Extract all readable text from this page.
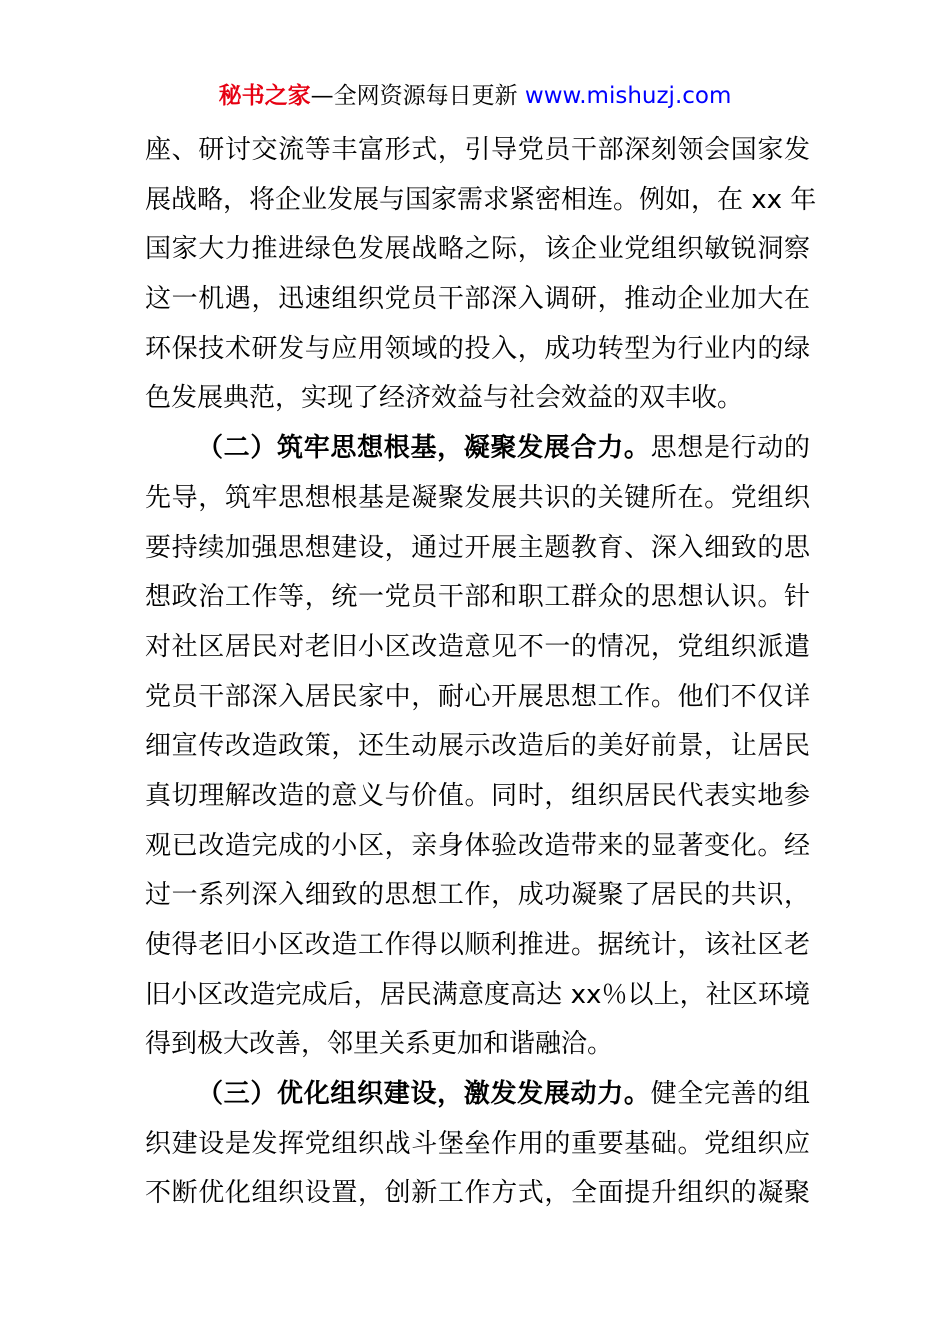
秘书之家—全网资源每日更新 www.mishuzj.com
座、研讨交流等丰富形式，引导党员干部深刻领会国家发
展战略，将企业发展与国家需求紧密相连。例如，在 xx 年
国家大力推进绿色发展战略之际，该企业党组织敏锐洞察
这一机遇，迅速组织党员干部深入调研，推动企业加大在
环保技术研发与应用领域的投入，成功转型为行业内的绿
色发展典范，实现了经济效益与社会效益的双丰收。
（二）筑牢思想根基，凝聚发展合力。思想是行动的
先导，筑牢思想根基是凝聚发展共识的关键所在。党组织
要持续加强思想建设，通过开展主题教育、深入细致的思
想政治工作等，统一党员干部和职工群众的思想认识。针
对社区居民对老旧小区改造意见不一的情况，党组织派遣
党员干部深入居民家中，耐心开展思想工作。他们不仅详
细宣传改造政策，还生动展示改造后的美好前景，让居民
真切理解改造的意义与价值。同时，组织居民代表实地参
观已改造完成的小区，亲身体验改造带来的显著变化。经
过一系列深入细致的思想工作，成功凝聚了居民的共识，
使得老旧小区改造工作得以顺利推进。据统计，该社区老
旧小区改造完成后，居民满意度高达 xx％以上，社区环境
得到极大改善，邻里关系更加和谐融洽。
（三）优化组织建设，激发发展动力。健全完善的组
织建设是发挥党组织战斗堡垒作用的重要基础。党组织应
不断优化组织设置，创新工作方式，全面提升组织的凝聚
